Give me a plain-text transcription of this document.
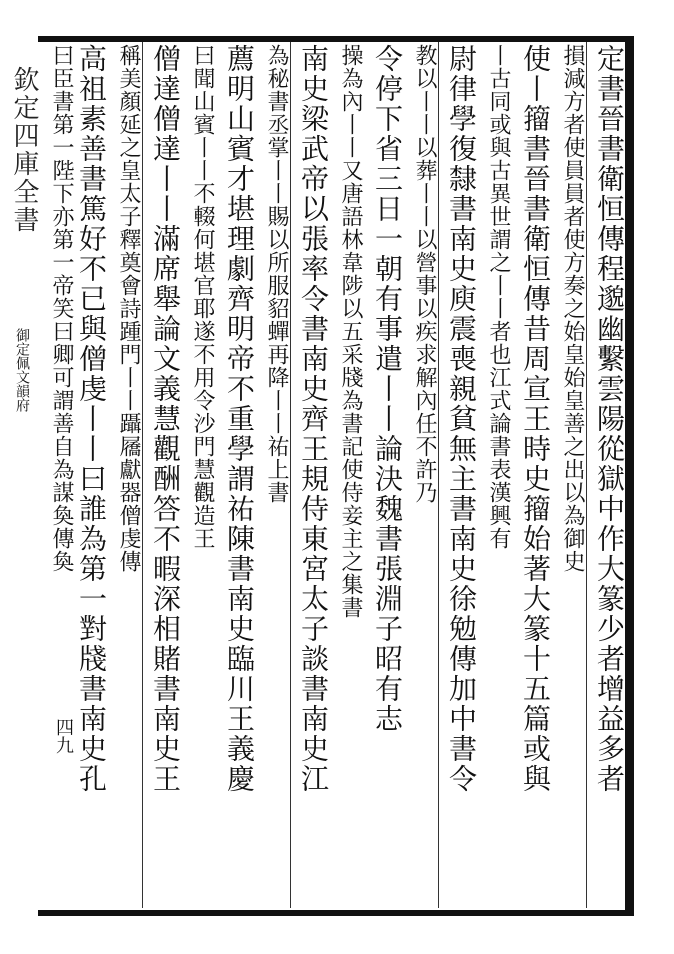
欽定四庫全書
御定佩文韻府	定書晉書衛恒傳程邈幽繫雲陽從獄中作大篆少者增益多者
損減方者使員員者使方奏之始皇始皇善之出以為御史
使丨籀書晉書衛恒傳昔周宣王時史籀始著大篆十五篇或與
丨古同或與古異世謂之丨丨者也江式論書表漢興有
尉律學復隸書南史庾震喪親貧無主書南史徐勉傳加中書令
教以丨丨以葬丨丨以營事以疾求解內任不許乃
令停下省三日一朝有事遣丨丨論決魏書張淵子昭有志
操為內丨丨又唐語林韋陟以五采牋為書記使侍妾主之集書
南史梁武帝以張率令書南史齊王規侍東宮太子談書南史江
為秘書丞掌丨丨賜以所服貂蟬再降丨丨祐上書
薦明山賓才堪理劇齊明帝不重學謂祐陳書南史臨川王義慶
曰聞山賓丨丨不輟何堪官耶遂不用令沙門慧觀造王
僧達僧達丨丨滿席舉論文義慧觀酬答不暇深相賭書南史王
稱美顏延之皇太子釋奠會詩踵門丨丨躡屩獻器僧虔傳
高祖素善書篤好不已與僧虔丨丨曰誰為第一對牋書南史孔
曰臣書第一陛下亦第一帝笑曰卿可謂善自為謀奐傳奐
四九
